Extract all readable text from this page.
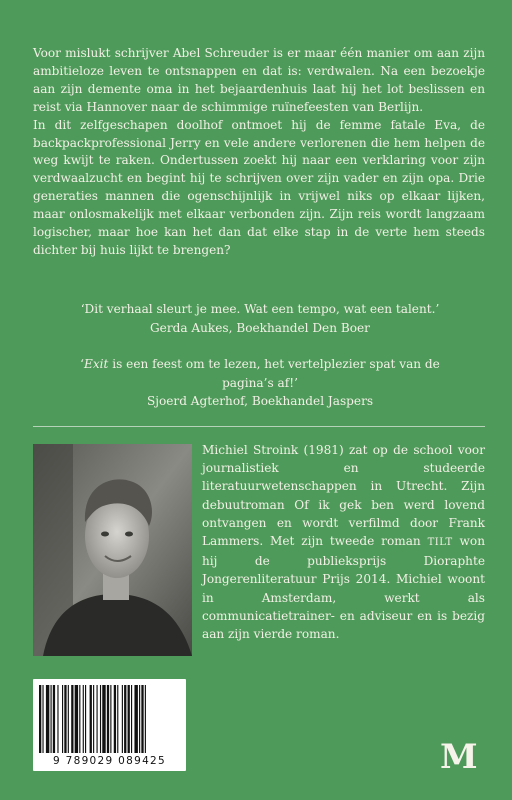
Voor mislukt schrijver Abel Schreuder is er maar één manier om aan zijn ambitieloze leven te ontsnappen en dat is: verdwalen. Na een bezoekje aan zijn demente oma in het bejaardenhuis laat hij het lot beslissen en reist via Hannover naar de schimmige ruïnefeesten van Berlijn.

In dit zelfgeschapen doolhof ontmoet hij de femme fatale Eva, de backpackprofessional Jerry en vele andere verlorenen die hem helpen de weg kwijt te raken. Ondertussen zoekt hij naar een verklaring voor zijn verdwaalzucht en begint hij te schrijven over zijn vader en zijn opa. Drie generaties mannen die ogenschijnlijk in vrijwel niks op elkaar lijken, maar onlosmakelijk met elkaar verbonden zijn. Zijn reis wordt langzaam logischer, maar hoe kan het dan dat elke stap in de verte hem steeds dichter bij huis lijkt te brengen?

‘Dit verhaal sleurt je mee. Wat een tempo, wat een talent.’
Gerda Aukes, Boekhandel Den Boer
‘Exit is een feest om te lezen, het vertelplezier spat van de pagina’s af!’
Sjoerd Agterhof, Boekhandel Jaspers
Michiel Stroink (1981) zat op de school voor journalistiek en studeerde literatuurwetenschappen in Utrecht. Zijn debuutroman Of ik gek ben werd lovend ontvangen en wordt verfilmd door Frank Lammers. Met zijn tweede roman TILT won hij de publieksprijs Dioraphte Jongerenliteratuur Prijs 2014. Michiel woont in Amsterdam, werkt als communicatietrainer- en adviseur en is bezig aan zijn vierde roman.
9 789029 089425	M
